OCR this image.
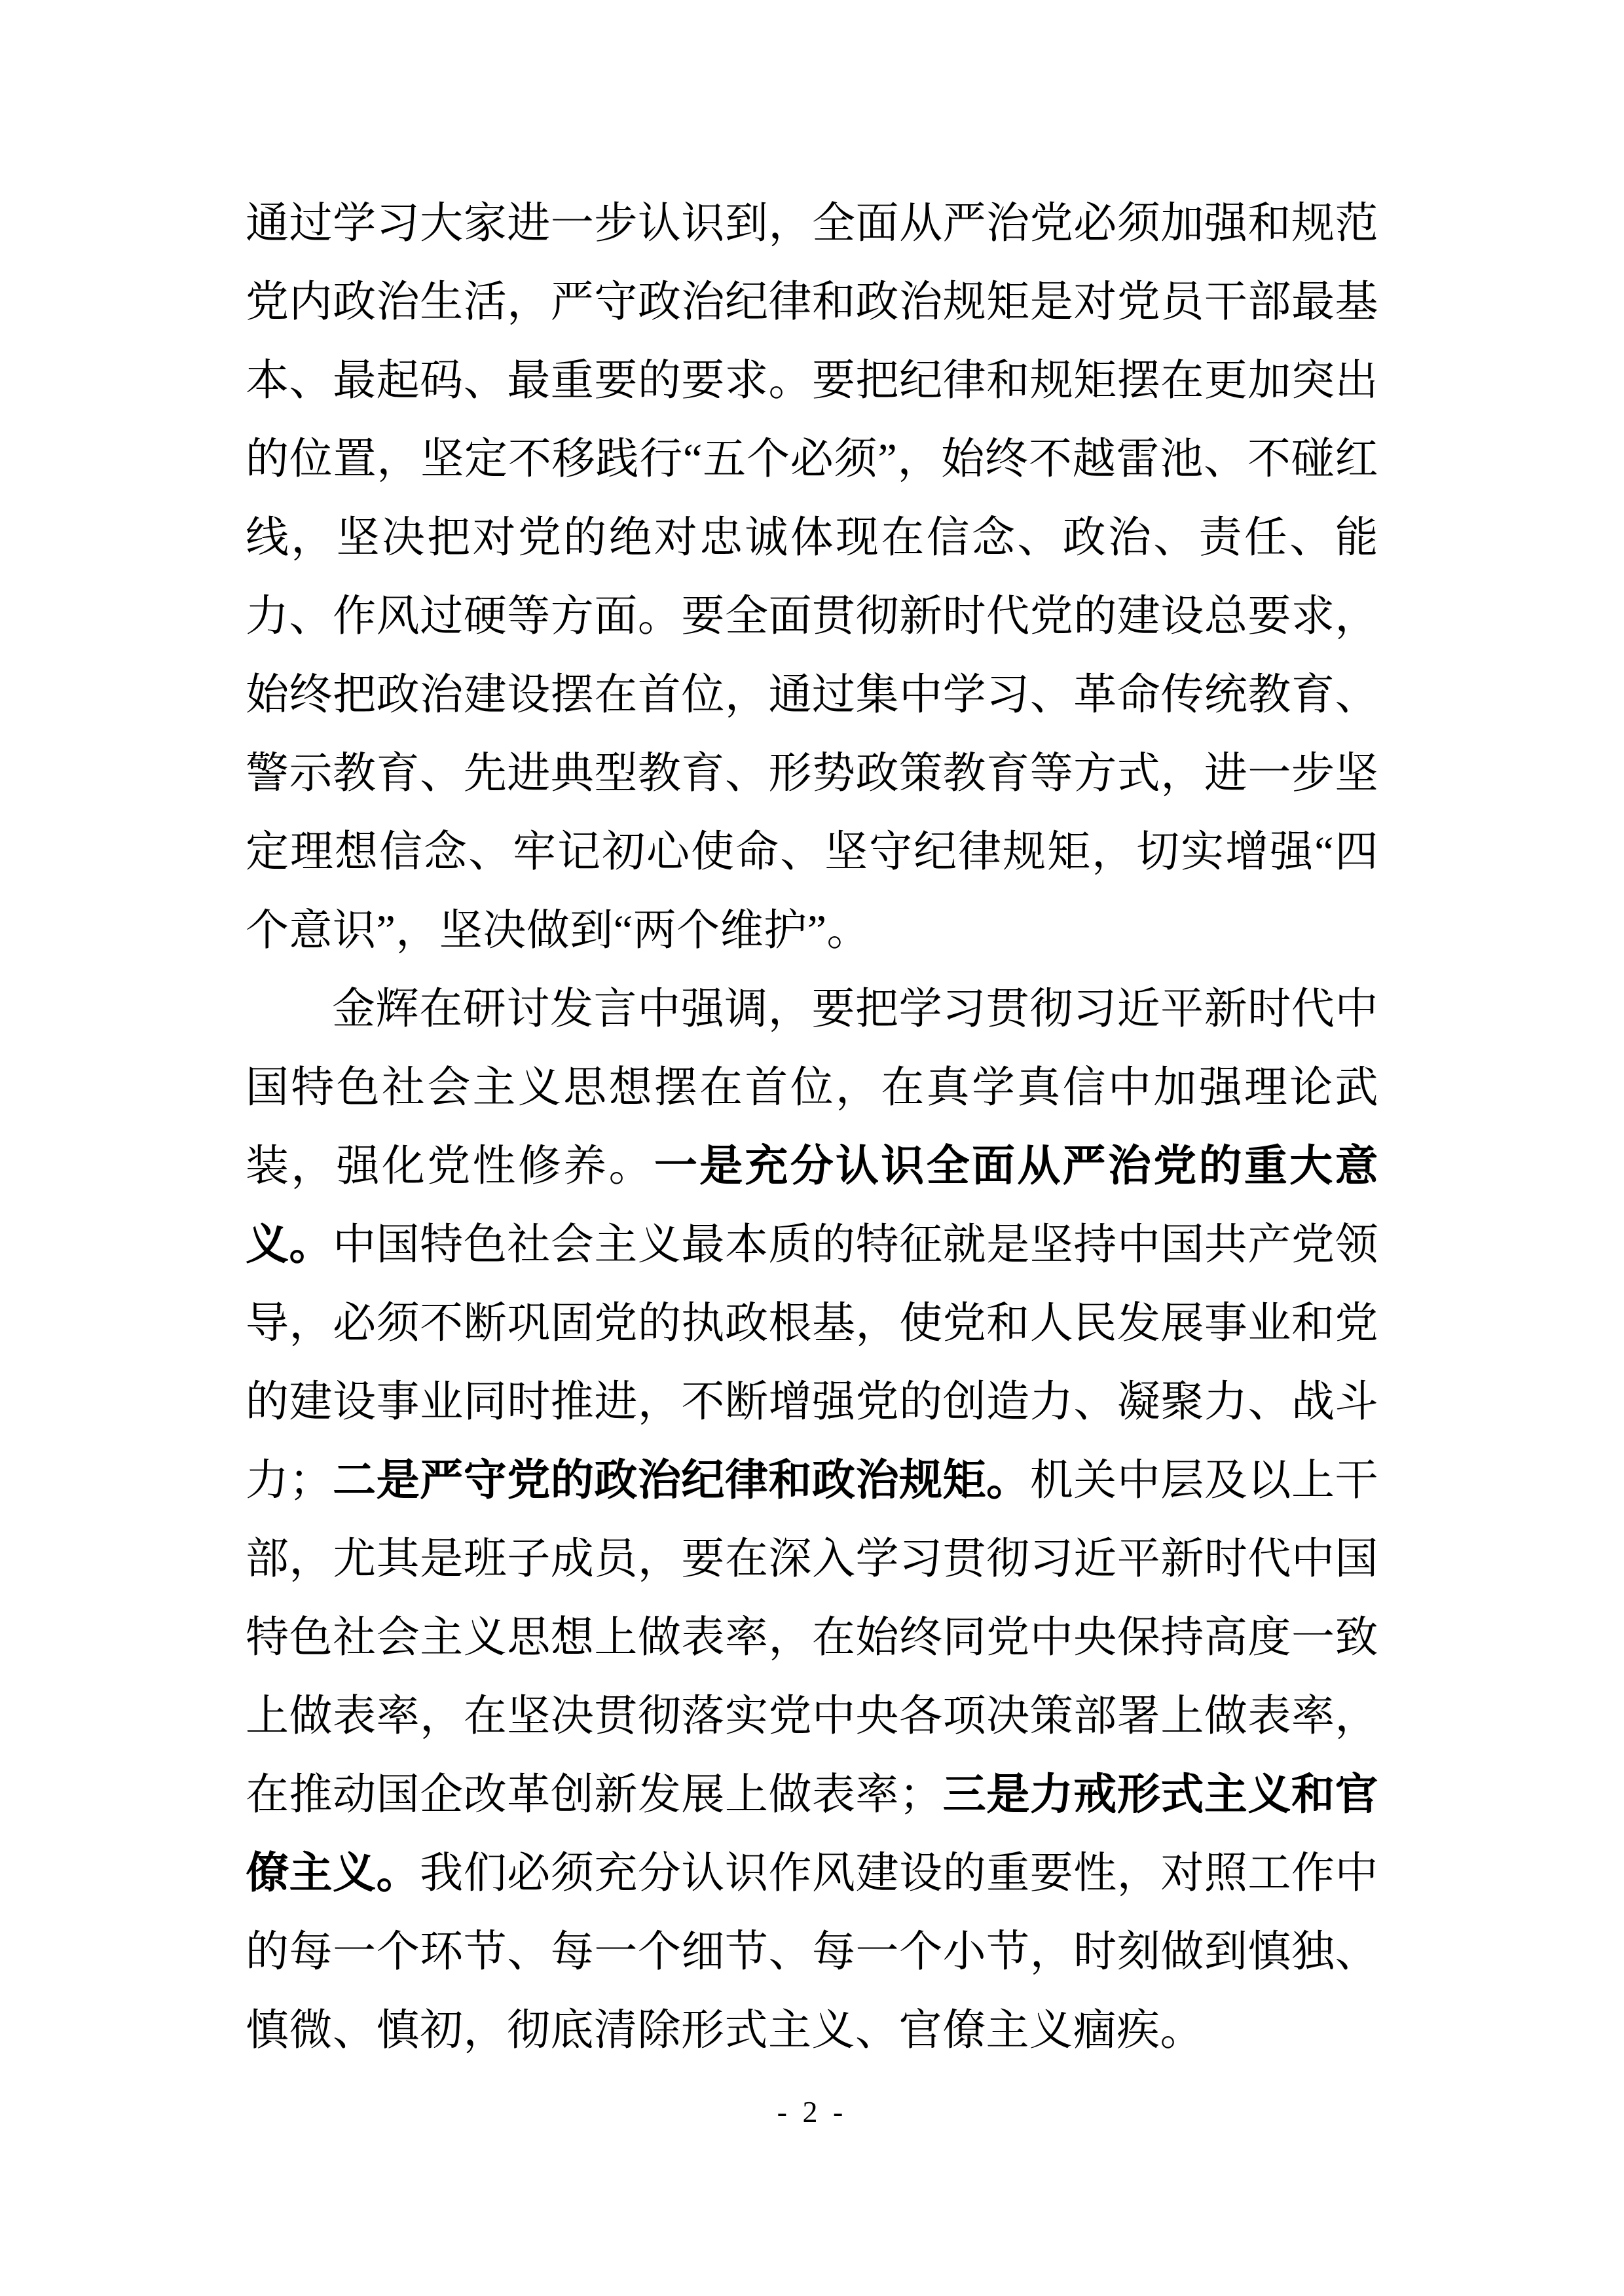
通过学习大家进一步认识到，全面从严治党必须加强和规范党内政治生活，严守政治纪律和政治规矩是对党员干部最基本、最起码、最重要的要求。要把纪律和规矩摆在更加突出的位置，坚定不移践行“五个必须”，始终不越雷池、不碰红线，坚决把对党的绝对忠诚体现在信念、政治、责任、能力、作风过硬等方面。要全面贯彻新时代党的建设总要求，始终把政治建设摆在首位，通过集中学习、革命传统教育、警示教育、先进典型教育、形势政策教育等方式，进一步坚定理想信念、牢记初心使命、坚守纪律规矩，切实增强“四个意识”，坚决做到“两个维护”。

金辉在研讨发言中强调，要把学习贯彻习近平新时代中国特色社会主义思想摆在首位，在真学真信中加强理论武装，强化党性修养。一是充分认识全面从严治党的重大意义。中国特色社会主义最本质的特征就是坚持中国共产党领导，必须不断巩固党的执政根基，使党和人民发展事业和党的建设事业同时推进，不断增强党的创造力、凝聚力、战斗力；二是严守党的政治纪律和政治规矩。机关中层及以上干部，尤其是班子成员，要在深入学习贯彻习近平新时代中国特色社会主义思想上做表率，在始终同党中央保持高度一致上做表率，在坚决贯彻落实党中央各项决策部署上做表率，在推动国企改革创新发展上做表率；三是力戒形式主义和官僚主义。我们必须充分认识作风建设的重要性，对照工作中的每一个环节、每一个细节、每一个小节，时刻做到慎独、慎微、慎初，彻底清除形式主义、官僚主义痼疾。

- 2 -
